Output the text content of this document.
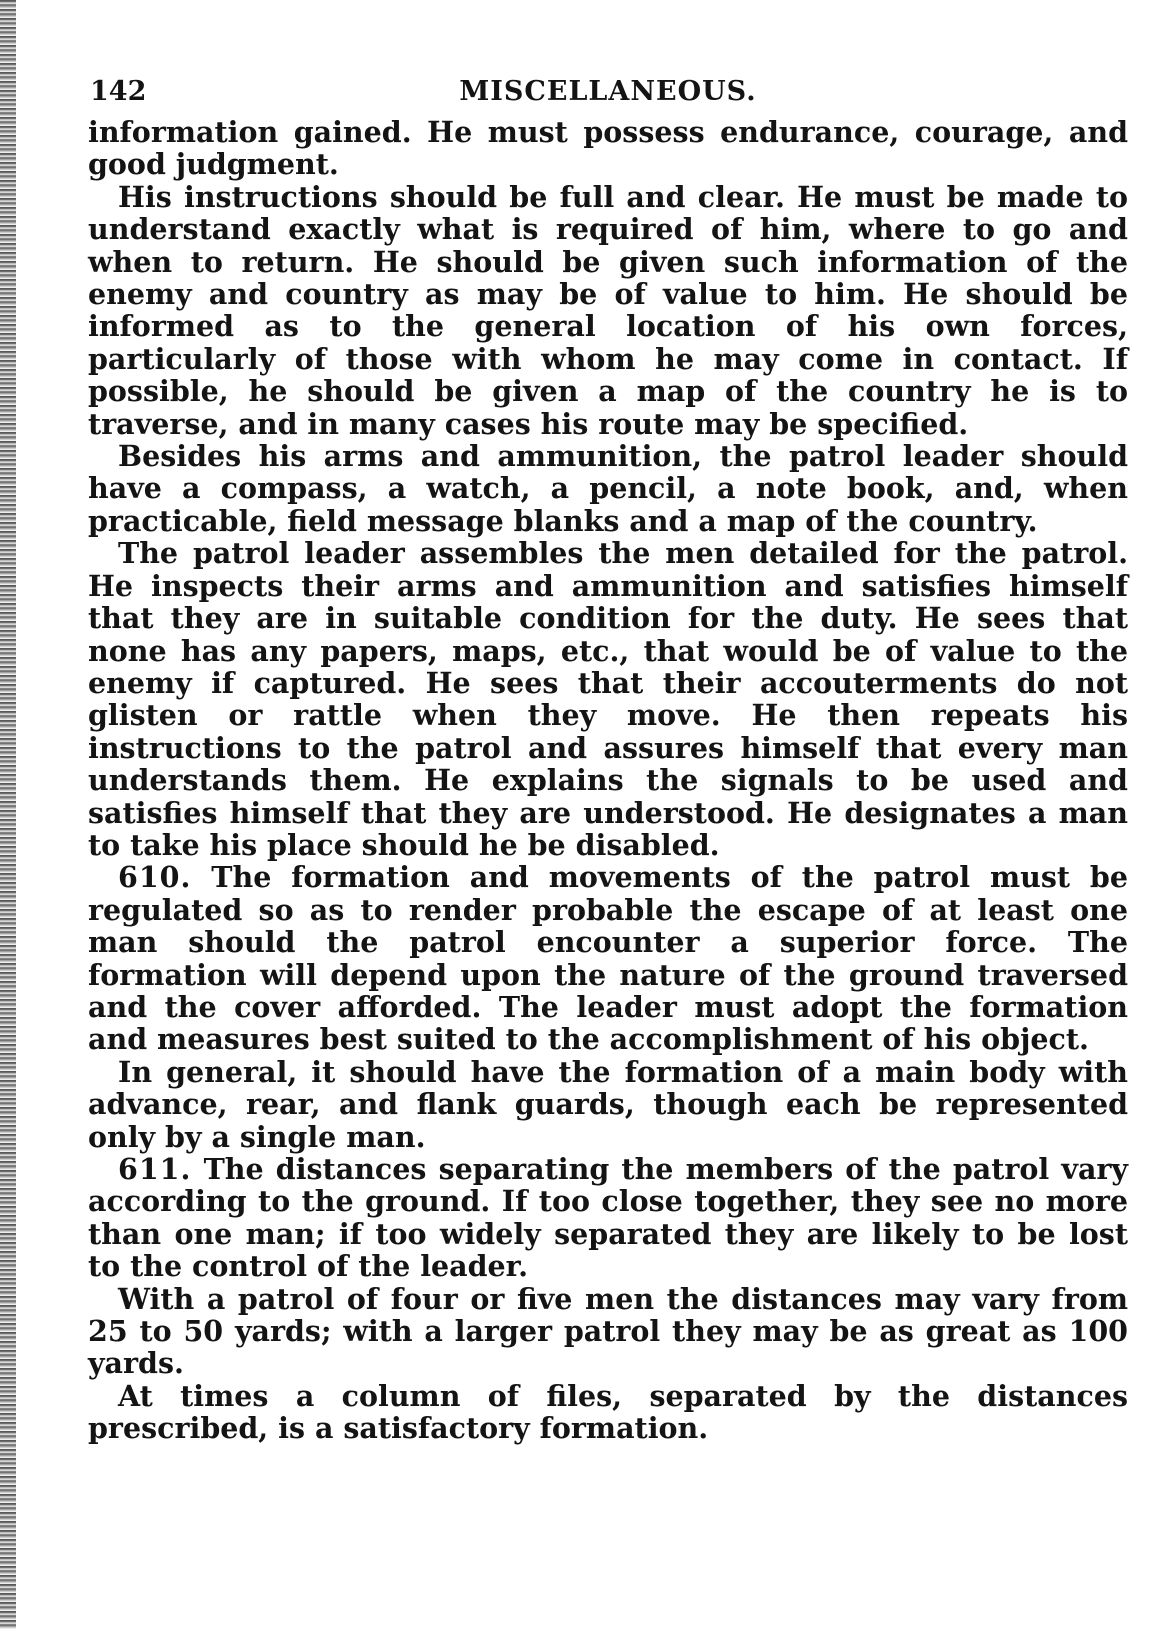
142	MISCELLANEOUS.

information gained. He must possess endurance, courage, and good judgment.

His instructions should be full and clear. He must be made to understand exactly what is required of him, where to go and when to return. He should be given such information of the enemy and country as may be of value to him. He should be informed as to the general location of his own forces, particularly of those with whom he may come in contact. If possible, he should be given a map of the country he is to traverse, and in many cases his route may be specified.

Besides his arms and ammunition, the patrol leader should have a compass, a watch, a pencil, a note book, and, when practicable, field message blanks and a map of the country.

The patrol leader assembles the men detailed for the patrol. He inspects their arms and ammunition and satisfies himself that they are in suitable condition for the duty. He sees that none has any papers, maps, etc., that would be of value to the enemy if captured. He sees that their accouterments do not glisten or rattle when they move. He then repeats his instructions to the patrol and assures himself that every man understands them. He explains the signals to be used and satisfies himself that they are understood. He designates a man to take his place should he be disabled.

610. The formation and movements of the patrol must be regulated so as to render probable the escape of at least one man should the patrol encounter a superior force. The formation will depend upon the nature of the ground traversed and the cover afforded. The leader must adopt the formation and measures best suited to the accomplishment of his object.

In general, it should have the formation of a main body with advance, rear, and flank guards, though each be represented only by a single man.

611. The distances separating the members of the patrol vary according to the ground. If too close together, they see no more than one man; if too widely separated they are likely to be lost to the control of the leader.

With a patrol of four or five men the distances may vary from 25 to 50 yards; with a larger patrol they may be as great as 100 yards.

At times a column of files, separated by the distances prescribed, is a satisfactory formation.
